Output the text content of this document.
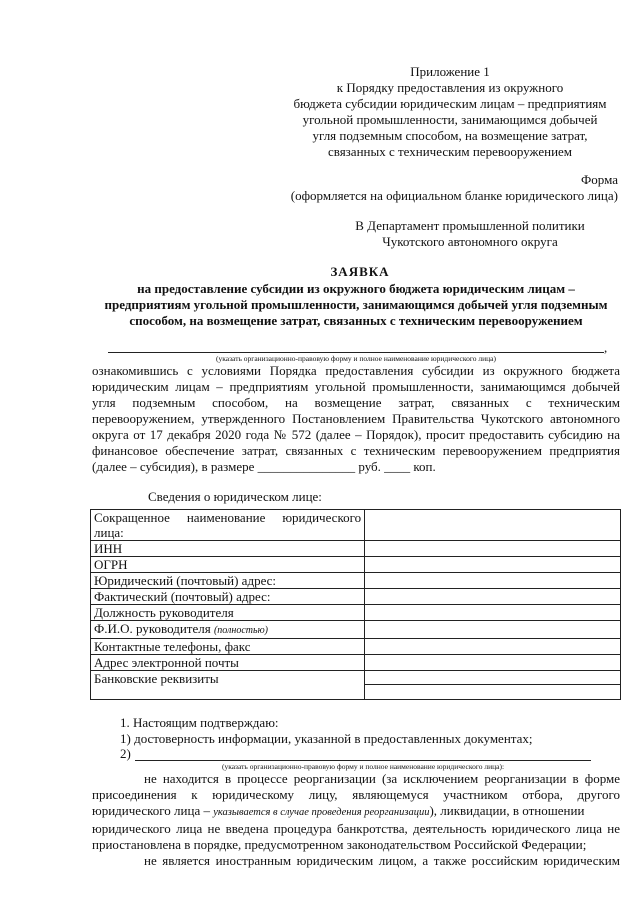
Приложение 1
к Порядку предоставления из окружного
бюджета субсидии юридическим лицам – предприятиям
угольной промышленности, занимающимся добычей
угля подземным способом, на возмещение затрат,
связанных с техническим перевооружением
Форма
(оформляется на официальном бланке юридического лица)
В Департамент промышленной политики
Чукотского автономного округа
ЗАЯВКА
на предоставление субсидии из окружного бюджета юридическим лицам –
предприятиям угольной промышленности, занимающимся добычей угля подземным
способом, на возмещение затрат, связанных с техническим перевооружением
,
(указать организационно-правовую форму и полное наименование юридического лица)
ознакомившись с условиями Порядка предоставления субсидии из окружного бюджета
юридическим лицам – предприятиям угольной промышленности, занимающимся добычей
угля подземным способом, на возмещение затрат, связанных с техническим
перевооружением, утвержденного Постановлением Правительства Чукотского автономного
округа от 17 декабря 2020 года № 572 (далее – Порядок), просит предоставить субсидию на
финансовое обеспечение затрат, связанных с техническим перевооружением предприятия
(далее – субсидия), в размере _______________ руб. ____ коп.
Сведения о юридическом лице:
Сокращенное наименование юридического лица:	
ИНН	
ОГРН	
Юридический (почтовый) адрес:	
Фактический (почтовый) адрес:	
Должность руководителя	
Ф.И.О. руководителя (полностью)	
Контактные телефоны, факс	
Адрес электронной почты	
Банковские реквизиты	
1. Настоящим подтверждаю:
1) достоверность информации, указанной в предоставленных документах;
2)
(указать организационно-правовую форму и полное наименование юридического лица):
не находится в процессе реорганизации (за исключением реорганизации в форме
присоединения к юридическому лицу, являющемуся участником отбора, другого
юридического лица – указывается в случае проведения реорганизации), ликвидации, в отношении
юридического лица не введена процедура банкротства, деятельность юридического лица не
приостановлена в порядке, предусмотренном законодательством Российской Федерации;
не является иностранным юридическим лицом, а также российским юридическим
